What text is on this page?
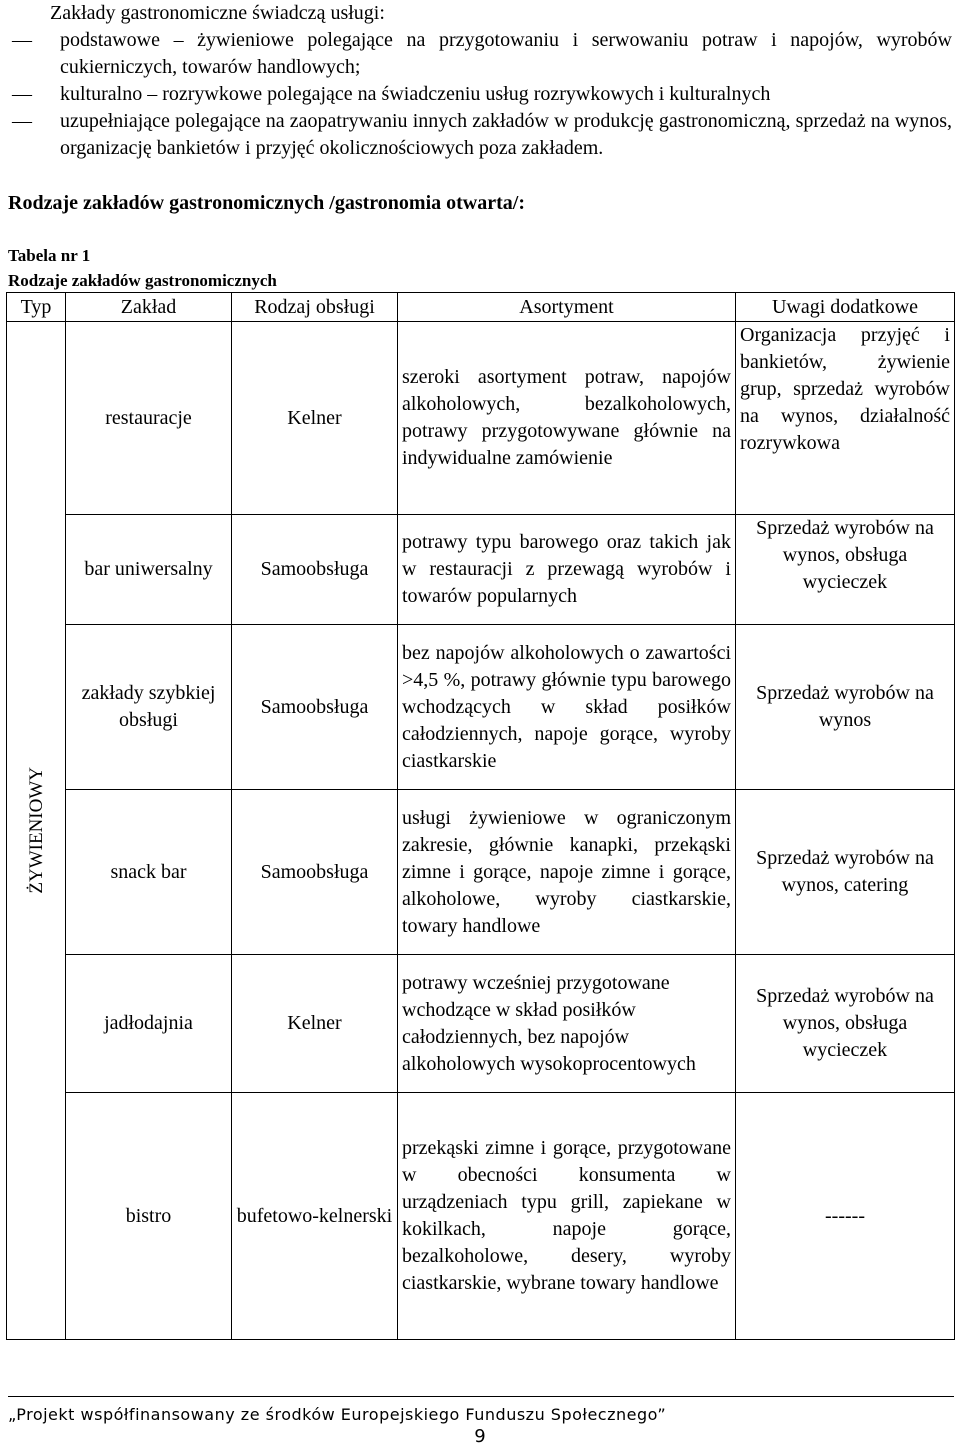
Zakłady gastronomiczne świadczą usługi:
—	podstawowe – żywieniowe polegające na przygotowaniu i serwowaniu potraw i napojów, wyrobów cukierniczych, towarów handlowych;
—	kulturalno – rozrywkowe polegające na świadczeniu usług rozrywkowych i kulturalnych
—	uzupełniające polegające na zaopatrywaniu innych zakładów w produkcję gastronomiczną, sprzedaż na wynos, organizację bankietów i przyjęć okolicznościowych poza zakładem.
Rodzaje zakładów gastronomicznych /gastronomia otwarta/:
Tabela nr 1
Rodzaje zakładów gastronomicznych
Typ	Zakład	Rodzaj obsługi	Asortyment	Uwagi dodatkowe

ŻYWIENIOWY	restauracje	Kelner	szeroki asortyment potraw, napojów alkoholowych, bezalkoholowych, potrawy przygotowywane głównie na indywidualne zamówienie	Organizacja przyjęć i bankietów, żywienie grup, sprzedaż wyrobów na wynos, działalność rozrywkowa
	bar uniwersalny	Samoobsługa	potrawy typu barowego oraz takich jak w restauracji z przewagą wyrobów i towarów popularnych	Sprzedaż wyrobów na wynos, obsługa wycieczek
	zakłady szybkiej obsługi	Samoobsługa	bez napojów alkoholowych o zawartości >4,5 %, potrawy głównie typu barowego wchodzących w skład posiłków całodziennych, napoje gorące, wyroby ciastkarskie	Sprzedaż wyrobów na wynos
	snack bar	Samoobsługa	usługi żywieniowe w ograniczonym zakresie, głównie kanapki, przekąski zimne i gorące, napoje zimne i gorące, alkoholowe, wyroby ciastkarskie, towary handlowe	Sprzedaż wyrobów na wynos, catering
	jadłodajnia	Kelner	potrawy wcześniej przygotowane wchodzące w skład posiłków całodziennych, bez napojów alkoholowych wysokoprocentowych	Sprzedaż wyrobów na wynos, obsługa wycieczek
	bistro	bufetowo-kelnerski	przekąski zimne i gorące, przygotowane w obecności konsumenta w urządzeniach typu grill, zapiekane w kokilkach, napoje gorące, bezalkoholowe, desery, wyroby ciastkarskie, wybrane towary handlowe	------
„Projekt współfinansowany ze środków Europejskiego Funduszu Społecznego”
9
